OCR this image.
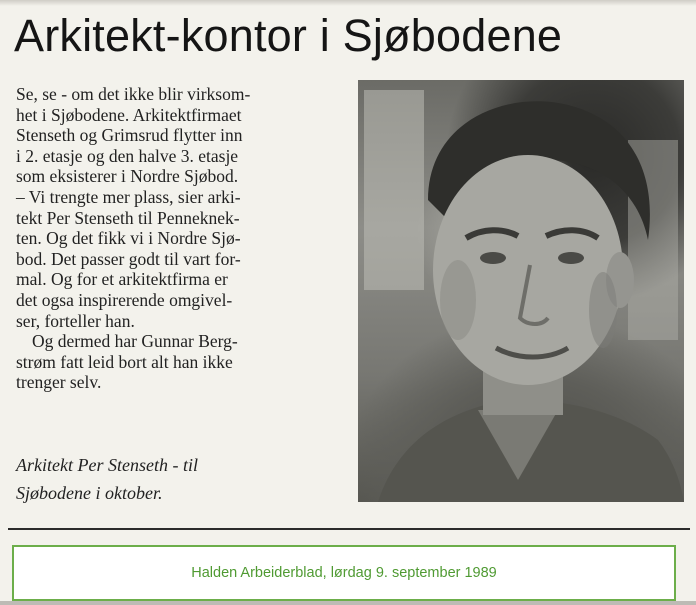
Arkitekt-kontor i Sjøbodene
Se, se - om det ikke blir virksom-
het i Sjøbodene. Arkitektfirmaet
Stenseth og Grimsrud flytter inn
i 2. etasje og den halve 3. etasje
som eksisterer i Nordre Sjøbod.
– Vi trengte mer plass, sier arki-
tekt Per Stenseth til Penneknek-
ten. Og det fikk vi i Nordre Sjø-
bod. Det passer godt til vart for-
mal. Og for et arkitektfirma er
det ogsa inspirerende omgivel-
ser, forteller han.
Og dermed har Gunnar Berg-
strøm fatt leid bort alt han ikke
trenger selv.
Arkitekt Per Stenseth - til
Sjøbodene i oktober.
Halden Arbeiderblad, lørdag 9. september 1989
